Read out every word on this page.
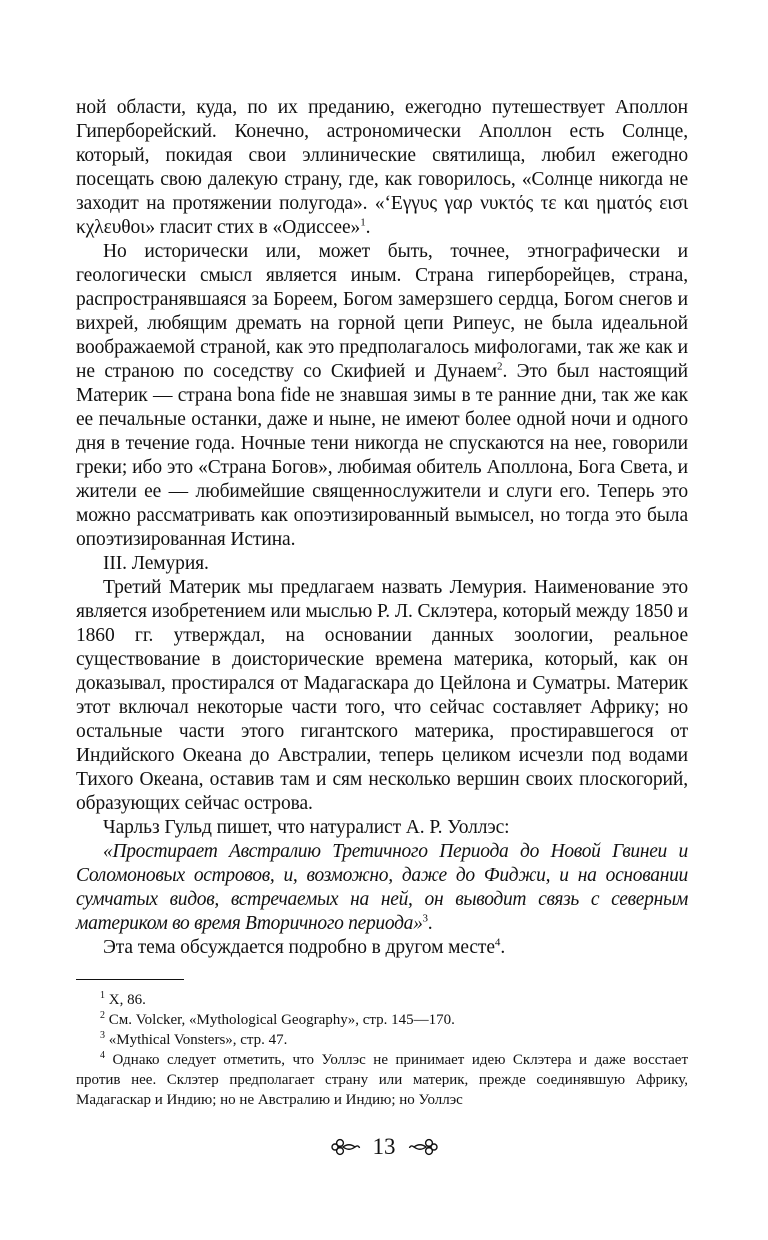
ной области, куда, по их преданию, ежегодно путешествует Аполлон Гиперборейский. Конечно, астрономически Аполлон есть Солнце, который, покидая свои эллинические святилища, любил ежегодно посещать свою далекую страну, где, как говорилось, «Солнце никогда не заходит на протяжении полугода». «‘Εγγυς γαρ νυκτός τε και ηματός εισι κχλευθοι» гласит стих в «Одиссее»$^1$.

Но исторически или, может быть, точнее, этнографически и геологически смысл является иным. Страна гиперборейцев, страна, распространявшаяся за Бореем, Богом замерзшего сердца, Богом снегов и вихрей, любящим дремать на горной цепи Рипеус, не была идеальной воображаемой страной, как это предполагалось мифологами, так же как и не страною по соседству со Скифией и Дунаем$^2$. Это был настоящий Материк — страна bona fide не знавшая зимы в те ранние дни, так же как ее печальные останки, даже и ныне, не имеют более одной ночи и одного дня в течение года. Ночные тени никогда не спускаются на нее, говорили греки; ибо это «Страна Богов», любимая обитель Аполлона, Бога Света, и жители ее — любимейшие священнослужители и слуги его. Теперь это можно рассматривать как опоэтизированный вымысел, но тогда это была опоэтизированная Истина.

III. Лемурия.

Третий Материк мы предлагаем назвать Лемурия. Наименование это является изобретением или мыслью Р. Л. Склэтера, который между 1850 и 1860 гг. утверждал, на основании данных зоологии, реальное существование в доисторические времена материка, который, как он доказывал, простирался от Мадагаскара до Цейлона и Суматры. Материк этот включал некоторые части того, что сейчас составляет Африку; но остальные части этого гигантского материка, простиравшегося от Индийского Океана до Австралии, теперь целиком исчезли под водами Тихого Океана, оставив там и сям несколько вершин своих плоскогорий, образующих сейчас острова.

Чарльз Гульд пишет, что натуралист А. Р. Уоллэс:

«Простирает Австралию Третичного Периода до Новой Гвинеи и Соломоновых островов, и, возможно, даже до Фиджи, и на основании сумчатых видов, встречаемых на ней, он выводит связь с северным материком во время Вторичного периода»$^3$.

Эта тема обсуждается подробно в другом месте$^4$.

$^1$ X, 86.

$^2$ См. Volcker, «Mythological Geography», стр. 145—170.

$^3$ «Mythical Vonsters», стр. 47.

$^4$ Однако следует отметить, что Уоллэс не принимает идею Склэтера и даже восстает против нее. Склэтер предполагает страну или материк, прежде соединявшую Африку, Мадагаскар и Индию; но не Австралию и Индию; но Уоллэс

13
